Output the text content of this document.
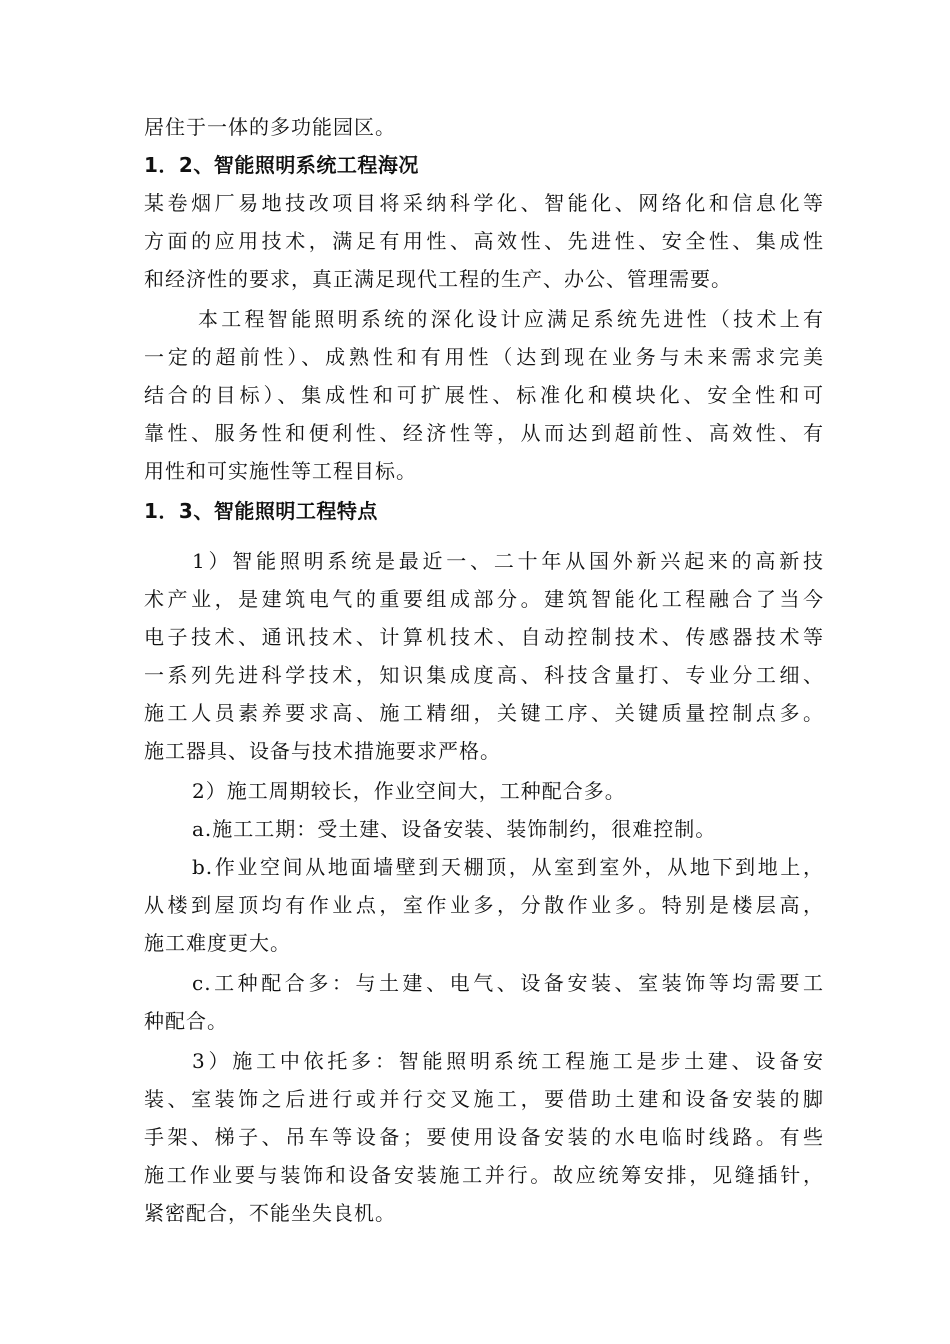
居住于一体的多功能园区。
1．2、智能照明系统工程海况
某卷烟厂易地技改项目将采纳科学化、智能化、网络化和信息化等
方面的应用技术，满足有用性、高效性、先进性、安全性、集成性
和经济性的要求，真正满足现代工程的生产、办公、管理需要。
本工程智能照明系统的深化设计应满足系统先进性（技术上有
一定的超前性）、成熟性和有用性（达到现在业务与未来需求完美
结合的目标）、集成性和可扩展性、标准化和模块化、安全性和可
靠性、服务性和便利性、经济性等，从而达到超前性、高效性、有
用性和可实施性等工程目标。
1．3、智能照明工程特点
1）智能照明系统是最近一、二十年从国外新兴起来的高新技
术产业，是建筑电气的重要组成部分。建筑智能化工程融合了当今
电子技术、通讯技术、计算机技术、自动控制技术、传感器技术等
一系列先进科学技术，知识集成度高、科技含量打、专业分工细、
施工人员素养要求高、施工精细，关键工序、关键质量控制点多。
施工器具、设备与技术措施要求严格。
2）施工周期较长，作业空间大，工种配合多。
a.施工工期：受土建、设备安装、装饰制约，很难控制。
b.作业空间从地面墙壁到天棚顶，从室到室外，从地下到地上，
从楼到屋顶均有作业点，室作业多，分散作业多。特别是楼层高，
施工难度更大。
c.工种配合多：与土建、电气、设备安装、室装饰等均需要工
种配合。
3）施工中依托多：智能照明系统工程施工是步土建、设备安
装、室装饰之后进行或并行交叉施工，要借助土建和设备安装的脚
手架、梯子、吊车等设备；要使用设备安装的水电临时线路。有些
施工作业要与装饰和设备安装施工并行。故应统筹安排，见缝插针，
紧密配合，不能坐失良机。
